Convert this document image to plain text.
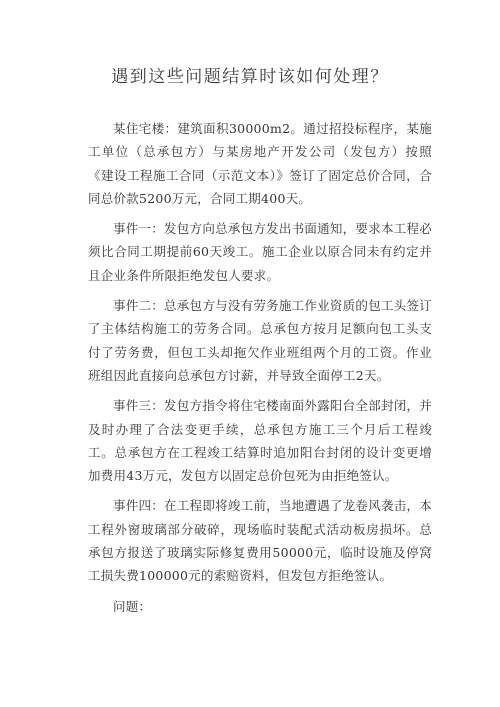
遇到这些问题结算时该如何处理？

某住宅楼：建筑面积30000m2。通过招投标程序，某施工单位（总承包方）与某房地产开发公司（发包方）按照《建设工程施工合同（示范文本）》签订了固定总价合同，合同总价款5200万元，合同工期400天。

事件一：发包方向总承包方发出书面通知，要求本工程必须比合同工期提前60天竣工。施工企业以原合同未有约定并且企业条件所限拒绝发包人要求。

事件二：总承包方与没有劳务施工作业资质的包工头签订了主体结构施工的劳务合同。总承包方按月足额向包工头支付了劳务费，但包工头却拖欠作业班组两个月的工资。作业班组因此直接向总承包方讨薪，并导致全面停工2天。

事件三：发包方指令将住宅楼南面外露阳台全部封闭，并及时办理了合法变更手续，总承包方施工三个月后工程竣工。总承包方在工程竣工结算时追加阳台封闭的设计变更增加费用43万元，发包方以固定总价包死为由拒绝签认。

事件四：在工程即将竣工前，当地遭遇了龙卷风袭击，本工程外窗玻璃部分破碎，现场临时装配式活动板房损坏。总承包方报送了玻璃实际修复费用50000元，临时设施及停窝工损失费100000元的索赔资料，但发包方拒绝签认。

问题：
